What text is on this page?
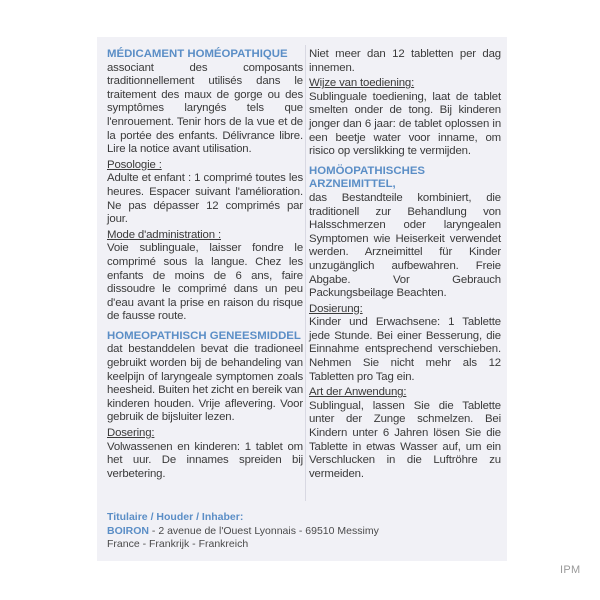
MÉDICAMENT HOMÉOPATHIQUE

associant des composants traditionnellement utilisés dans le traitement des maux de gorge ou des symptômes laryngés tels que l'enrouement. Tenir hors de la vue et de la portée des enfants. Délivrance libre. Lire la notice avant utilisation.

Posologie :

Adulte et enfant : 1 comprimé toutes les heures. Espacer suivant l'amélioration. Ne pas dépasser 12 comprimés par jour.

Mode d'administration :

Voie sublinguale, laisser fondre le comprimé sous la langue. Chez les enfants de moins de 6 ans, faire dissoudre le comprimé dans un peu d'eau avant la prise en raison du risque de fausse route.

HOMEOPATHISCH GENEESMIDDEL

dat bestanddelen bevat die tradioneel gebruikt worden bij de behandeling van keelpijn of laryngeale symptomen zoals heesheid. Buiten het zicht en bereik van kinderen houden. Vrije aflevering. Voor gebruik de bijsluiter lezen.

Dosering:

Volwassenen en kinderen: 1 tablet om het uur. De innames spreiden bij verbetering.

Niet meer dan 12 tabletten per dag innemen.

Wijze van toediening:

Sublinguale toediening, laat de tablet smelten onder de tong. Bij kinderen jonger dan 6 jaar: de tablet oplossen in een beetje water voor inname, om risico op verslikking te vermijden.

HOMÖOPATHISCHES ARZNEIMITTEL,

das Bestandteile kombiniert, die traditionell zur Behandlung von Halsschmerzen oder laryngealen Symptomen wie Heiserkeit verwendet werden. Arzneimittel für Kinder unzugänglich aufbewahren. Freie Abgabe. Vor Gebrauch Packungsbeilage Beachten.

Dosierung:

Kinder und Erwachsene: 1 Tablette jede Stunde. Bei einer Besserung, die Einnahme entsprechend verschieben. Nehmen Sie nicht mehr als 12 Tabletten pro Tag ein.

Art der Anwendung:

Sublingual, lassen Sie die Tablette unter der Zunge schmelzen. Bei Kindern unter 6 Jahren lösen Sie die Tablette in etwas Wasser auf, um ein Verschlucken in die Luftröhre zu vermeiden.

Titulaire / Houder / Inhaber:
BOIRON - 2 avenue de l'Ouest Lyonnais - 69510 Messimy
France - Frankrijk - Frankreich
IPM
